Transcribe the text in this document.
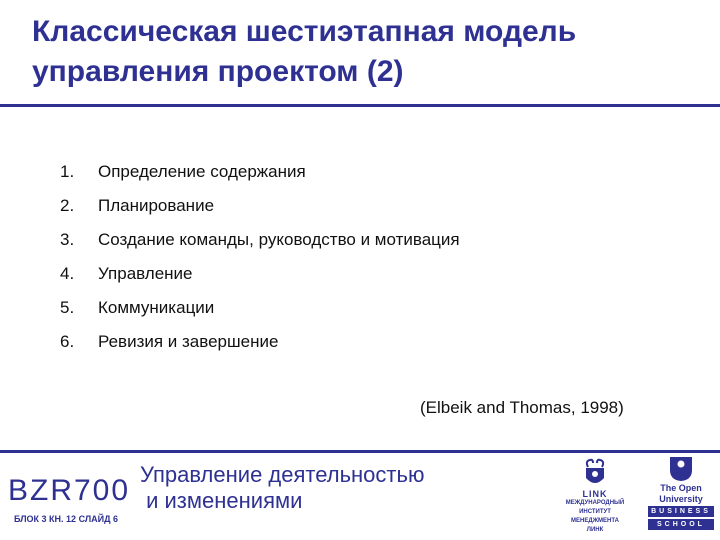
Классическая шестиэтапная модель управления проектом (2)
1.	Определение содержания
2.	Планирование
3.	Создание команды, руководство и мотивация
4.	Управление
5.	Коммуникации
6.	Ревизия и завершение
(Elbeik and Thomas, 1998)
BZR700
БЛОК 3 КН. 12 СЛАЙД 6
Управление деятельностью
и изменениями	LINK
МЕЖДУНАРОДНЫЙ
ИНСТИТУТ
МЕНЕДЖМЕНТА
ЛИНК
The Open
University
BUSINESS
SCHOOL
